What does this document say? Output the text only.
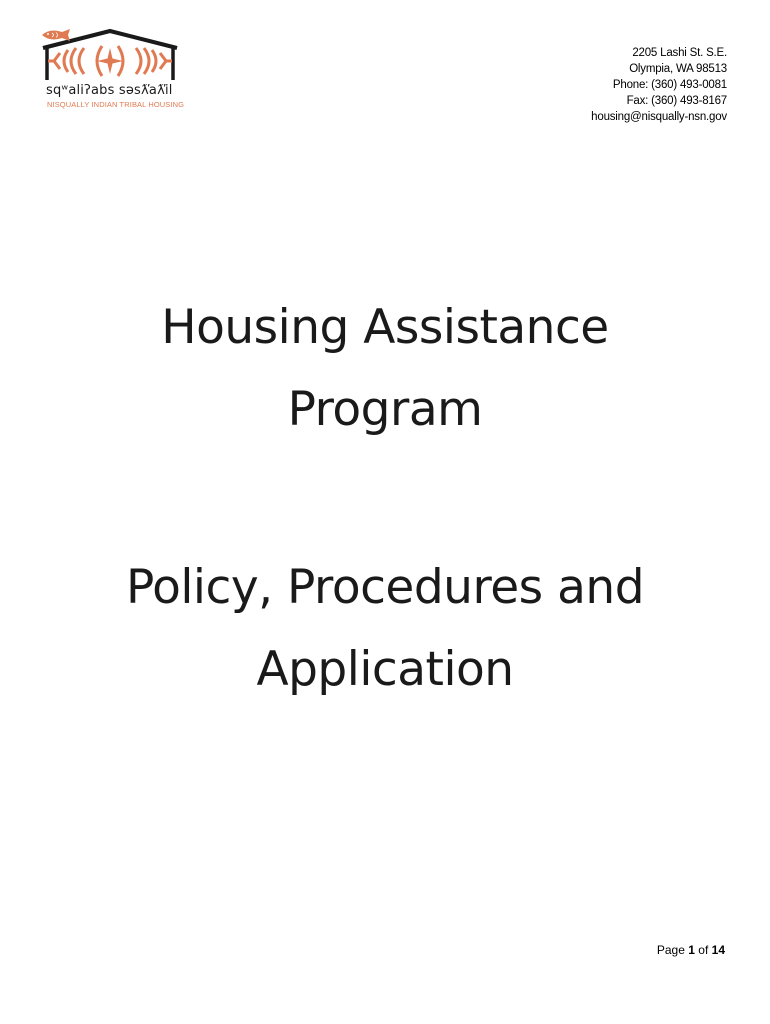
sqʷaliʔabs səsƛ̕aƛ̕il
NISQUALLY INDIAN TRIBAL HOUSING
2205 Lashi St. S.E.
Olympia, WA 98513
Phone: (360) 493-0081
Fax: (360) 493-8167
housing@nisqually-nsn.gov
Housing Assistance
Program
Policy, Procedures and
Application
Page 1 of 14
